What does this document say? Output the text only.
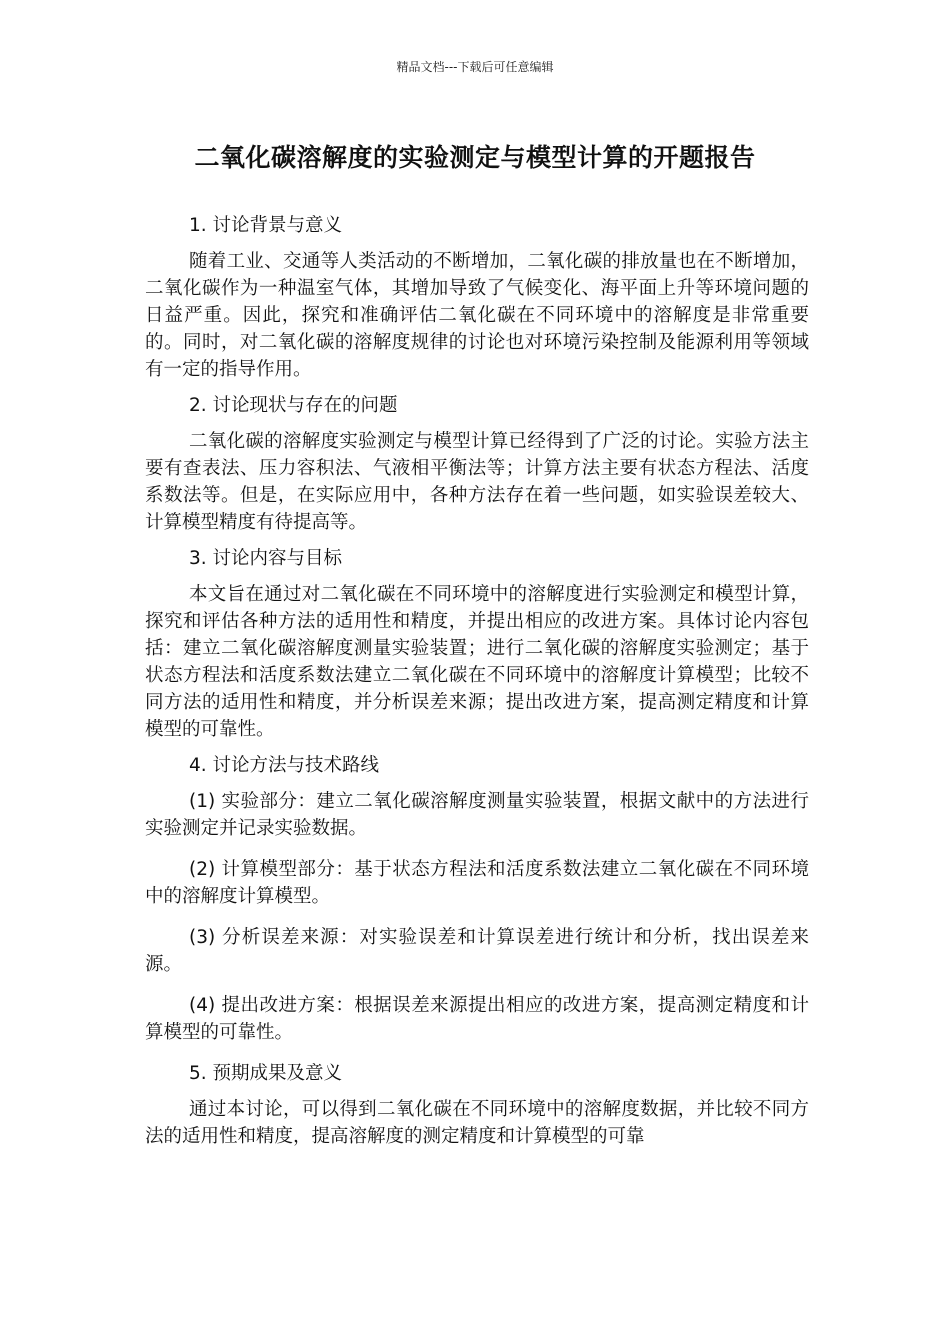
精品文档---下载后可任意编辑
二氧化碳溶解度的实验测定与模型计算的开题报告

1. 讨论背景与意义

随着工业、交通等人类活动的不断增加，二氧化碳的排放量也在不断增加，二氧化碳作为一种温室气体，其增加导致了气候变化、海平面上升等环境问题的日益严重。因此，探究和准确评估二氧化碳在不同环境中的溶解度是非常重要的。同时，对二氧化碳的溶解度规律的讨论也对环境污染控制及能源利用等领域有一定的指导作用。

2. 讨论现状与存在的问题

二氧化碳的溶解度实验测定与模型计算已经得到了广泛的讨论。实验方法主要有查表法、压力容积法、气液相平衡法等；计算方法主要有状态方程法、活度系数法等。但是，在实际应用中，各种方法存在着一些问题，如实验误差较大、计算模型精度有待提高等。

3. 讨论内容与目标

本文旨在通过对二氧化碳在不同环境中的溶解度进行实验测定和模型计算，探究和评估各种方法的适用性和精度，并提出相应的改进方案。具体讨论内容包括：建立二氧化碳溶解度测量实验装置；进行二氧化碳的溶解度实验测定；基于状态方程法和活度系数法建立二氧化碳在不同环境中的溶解度计算模型；比较不同方法的适用性和精度，并分析误差来源；提出改进方案，提高测定精度和计算模型的可靠性。

4. 讨论方法与技术路线

(1) 实验部分：建立二氧化碳溶解度测量实验装置，根据文献中的方法进行实验测定并记录实验数据。

(2) 计算模型部分：基于状态方程法和活度系数法建立二氧化碳在不同环境中的溶解度计算模型。

(3) 分析误差来源：对实验误差和计算误差进行统计和分析，找出误差来源。

(4) 提出改进方案：根据误差来源提出相应的改进方案，提高测定精度和计算模型的可靠性。

5. 预期成果及意义

通过本讨论，可以得到二氧化碳在不同环境中的溶解度数据，并比较不同方法的适用性和精度，提高溶解度的测定精度和计算模型的可靠
